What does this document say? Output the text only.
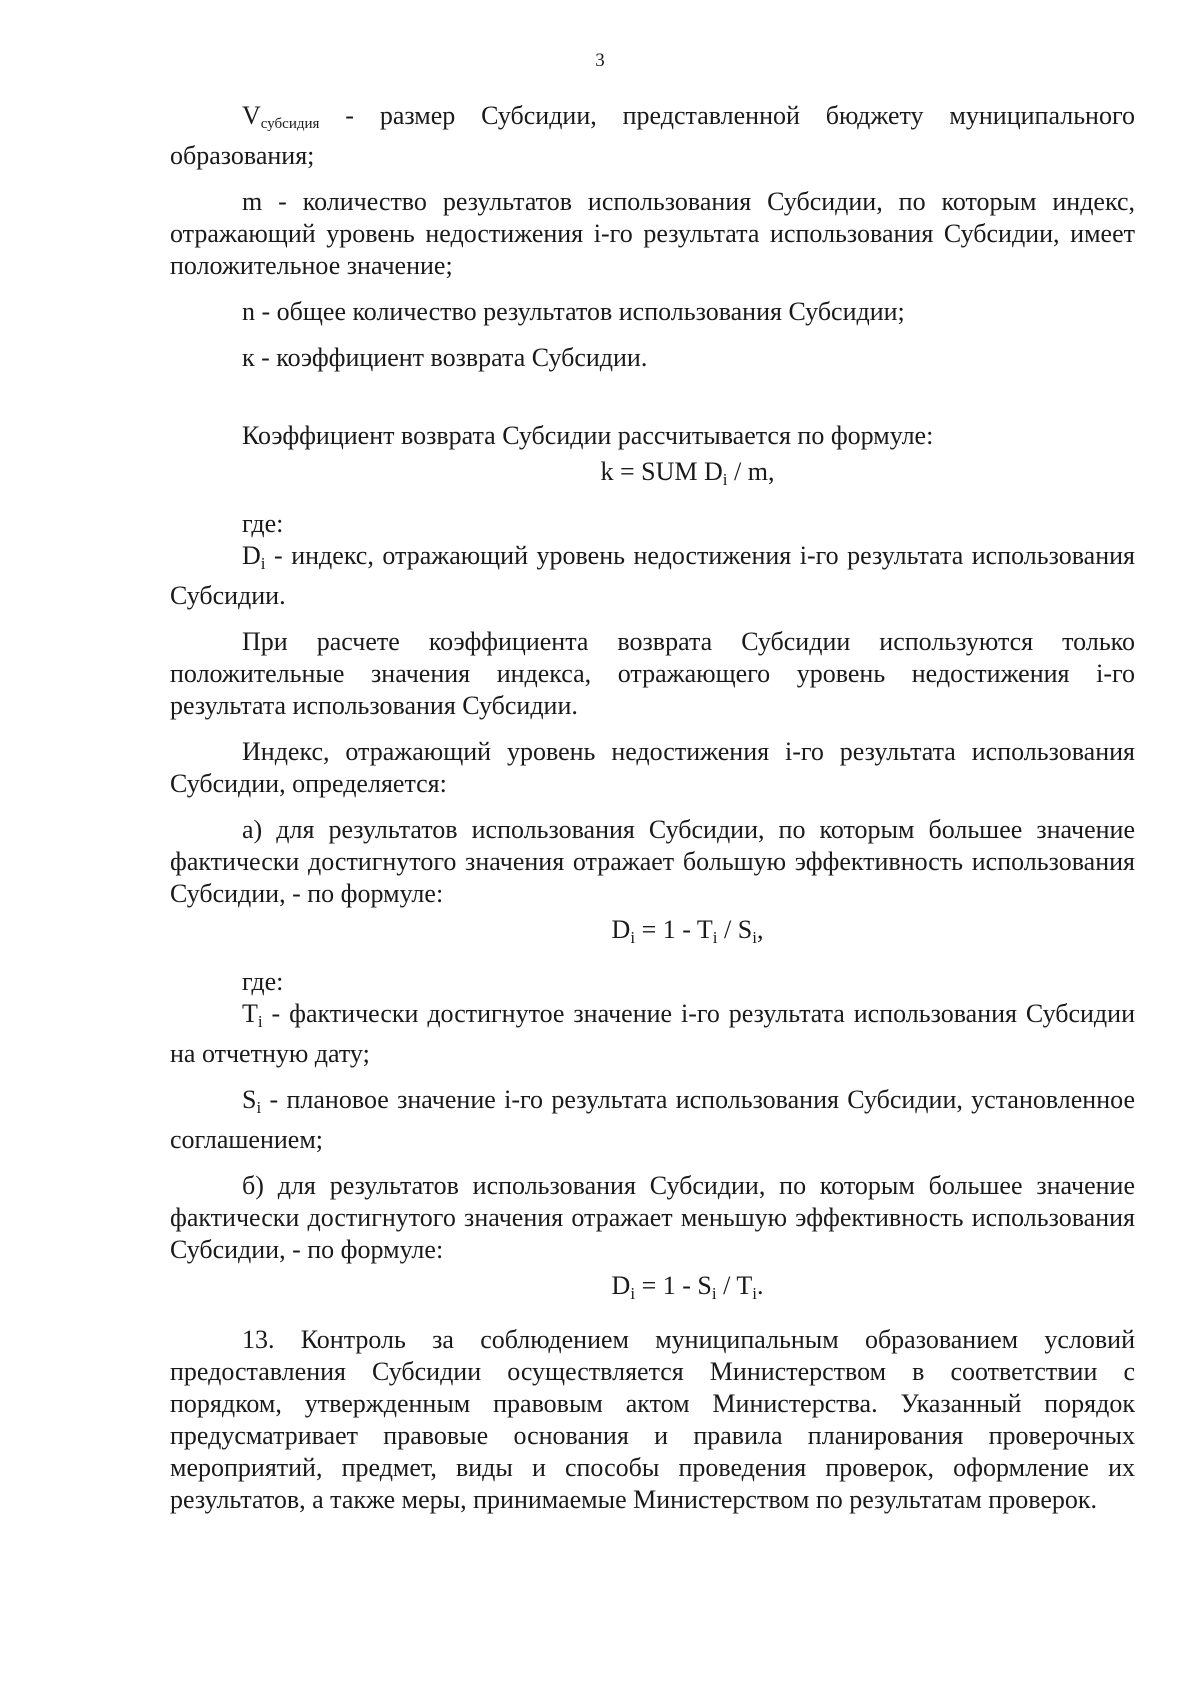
3

Vсубсидия - размер Субсидии, представленной бюджету муниципального образования;

m - количество результатов использования Субсидии, по которым индекс, отражающий уровень недостижения i-го результата использования Субсидии, имеет положительное значение;

n - общее количество результатов использования Субсидии;

к - коэффициент возврата Субсидии.

Коэффициент возврата Субсидии рассчитывается по формуле:

k = SUM Di / m,

где:

Di - индекс, отражающий уровень недостижения i-го результата использования Субсидии.

При расчете коэффициента возврата Субсидии используются только положительные значения индекса, отражающего уровень недостижения i-го результата использования Субсидии.

Индекс, отражающий уровень недостижения i-го результата использования Субсидии, определяется:

а) для результатов использования Субсидии, по которым большее значение фактически достигнутого значения отражает большую эффективность использования Субсидии, - по формуле:

Di = 1 - Ti / Si,

где:

Ti - фактически достигнутое значение i-го результата использования Субсидии на отчетную дату;

Si - плановое значение i-го результата использования Субсидии, установленное соглашением;

б) для результатов использования Субсидии, по которым большее значение фактически достигнутого значения отражает меньшую эффективность использования Субсидии, - по формуле:

Di = 1 - Si / Ti.

13. Контроль за соблюдением муниципальным образованием условий предоставления Субсидии осуществляется Министерством в соответствии с порядком, утвержденным правовым актом Министерства. Указанный порядок предусматривает правовые основания и правила планирования проверочных мероприятий, предмет, виды и способы проведения проверок, оформление их результатов, а также меры, принимаемые Министерством по результатам проверок.
